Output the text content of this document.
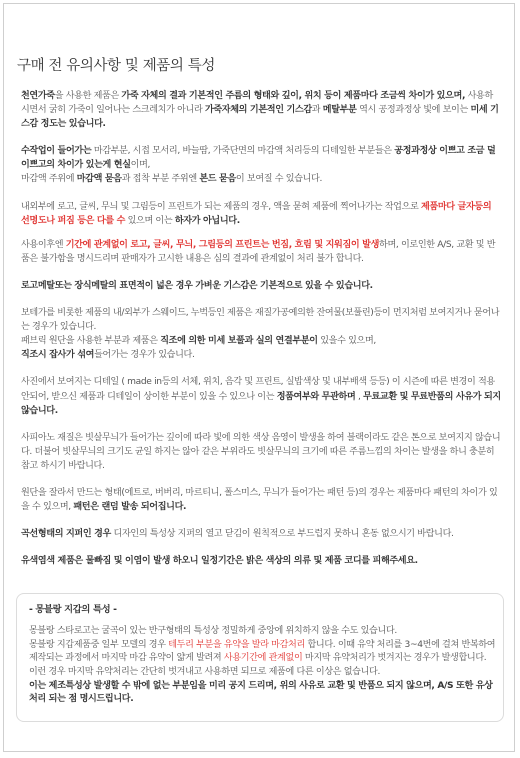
구매 전 유의사항 및 제품의 특성
천연가죽을 사용한 제품은 가죽 자체의 결과 기본적인 주름의 형태와 깊이, 위치 등이 제품마다 조금씩 차이가 있으며, 사용하시면서 굵히 가죽이 일어나는 스크레치가 아니라 가죽자체의 기본적인 기스감과 메탈부분 역시 공정과정상 빛에 보이는 미세 기스감 정도는 있습니다.
수작업이 들어가는 마감부분, 시접 모서리, 바늘땀, 가죽단면의 마감액 처리등의 디테일한 부분들은 공정과정상 이쁘고 조금 덜 이쁘고의 차이가 있는게 현실이며,
마감액 주위에 마감액 묻음과 접착 부분 주위엔 본드 묻음이 보여질 수 있습니다.
내외부에 로고, 글씨, 무늬 및 그림등이 프린트가 되는 제품의 경우, 액을 묻혀 제품에 찍어나가는 작업으로 제품마다 글자등의 선명도나 퍼짐 등은 다를 수 있으며 이는 하자가 아닙니다.
사용이후엔 기간에 관계없이 로고, 글씨, 무늬, 그림등의 프린트는 번짐, 흐림 및 지워짐이 발생하며, 이로인한 A/S, 교환 및 반품은 불가함을 명시드리며 판매자가 고시한 내용은 심의 결과에 관계없이 처리 불가 합니다.
로고메탈또는 장식메탈의 표면적이 넓은 경우 가벼운 기스감은 기본적으로 있을 수 있습니다.
보테가를 비롯한 제품의 내/외부가 스웨이드, 누벅등인 제품은 재질가공예의한 잔여물(보풀린)등이 먼지처럼 보여지거나 묻어나는 경우가 있습니다.
패브릭 원단을 사용한 부분과 제품은 직조에 의한 미세 보풀과 실의 연결부분이 있을수 있으며,
직조시 잡사가 섞여들어가는 경우가 있습니다.
사진에서 보여지는 디테일 ( made in등의 서체, 위치, 음각 및 프린트, 실밥색상 및 내부배색 등등) 이 시즌에 따른 변경이 적용 안되어, 받으신 제품과 디테일이 상이한 부분이 있을 수 있으나 이는 정품여부와 무관하며 , 무료교환 및 무료반품의 사유가 되지 않습니다.
사피아노 재질은 빗살무늬가 들어가는 깊이에 따라 빛에 의한 색상 음영이 발생을 하여 블랙이라도 같은 톤으로 보여지지 않습니다. 더불어 빗살무늬의 크기도 균일 하지는 않아 같은 부위라도 빗살무늬의 크기에 따른 주름느낌의 차이는 발생을 하니 충분히 참고 하시기 바랍니다.
원단을 잘라서 만드는 형태(에트로, 버버리, 마르티니, 폴스미스, 무늬가 들어가는 패턴 등)의 경우는 제품마다 패턴의 차이가 있을 수 있으며, 패턴은 랜덤 발송 되어집니다.
곡선형태의 지퍼인 경우 디자인의 특성상 지퍼의 열고 닫김이 원칙적으로 부드럽지 못하니 혼동 없으시기 바랍니다.
유색염색 제품은 물빠짐 및 이염이 발생 하오니 일정기간은 밝은 색상의 의류 및 제품 코디를 피해주세요.
- 몽블랑 지갑의 특성 -
몽블랑 스타로고는 굴곡이 있는 반구형태의 특성상 정밀하게 중앙에 위치하지 않을 수도 있습니다.
몽블랑 지갑제품중 일부 모델의 경우 테두리 부분을 유약을 발라 마감처리 합니다. 이때 유약 처리를 3~4번에 걸쳐 반복하여 제작되는 과정에서 마지막 마감 유약이 얇게 발려져 사용기간에 관계없이 마지막 유약처리가 벗겨지는 경우가 발생합니다.
이런 경우 마지막 유약처리는 간단히 벗겨내고 사용하면 되므로 제품에 다른 이상은 없습니다.
이는 제조특성상 발생할 수 밖에 없는 부분임을 미리 공지 드리며, 위의 사유로 교환 및 반품으 되지 않으며, A/S 또한 유상처리 되는 점 명시드립니다.
